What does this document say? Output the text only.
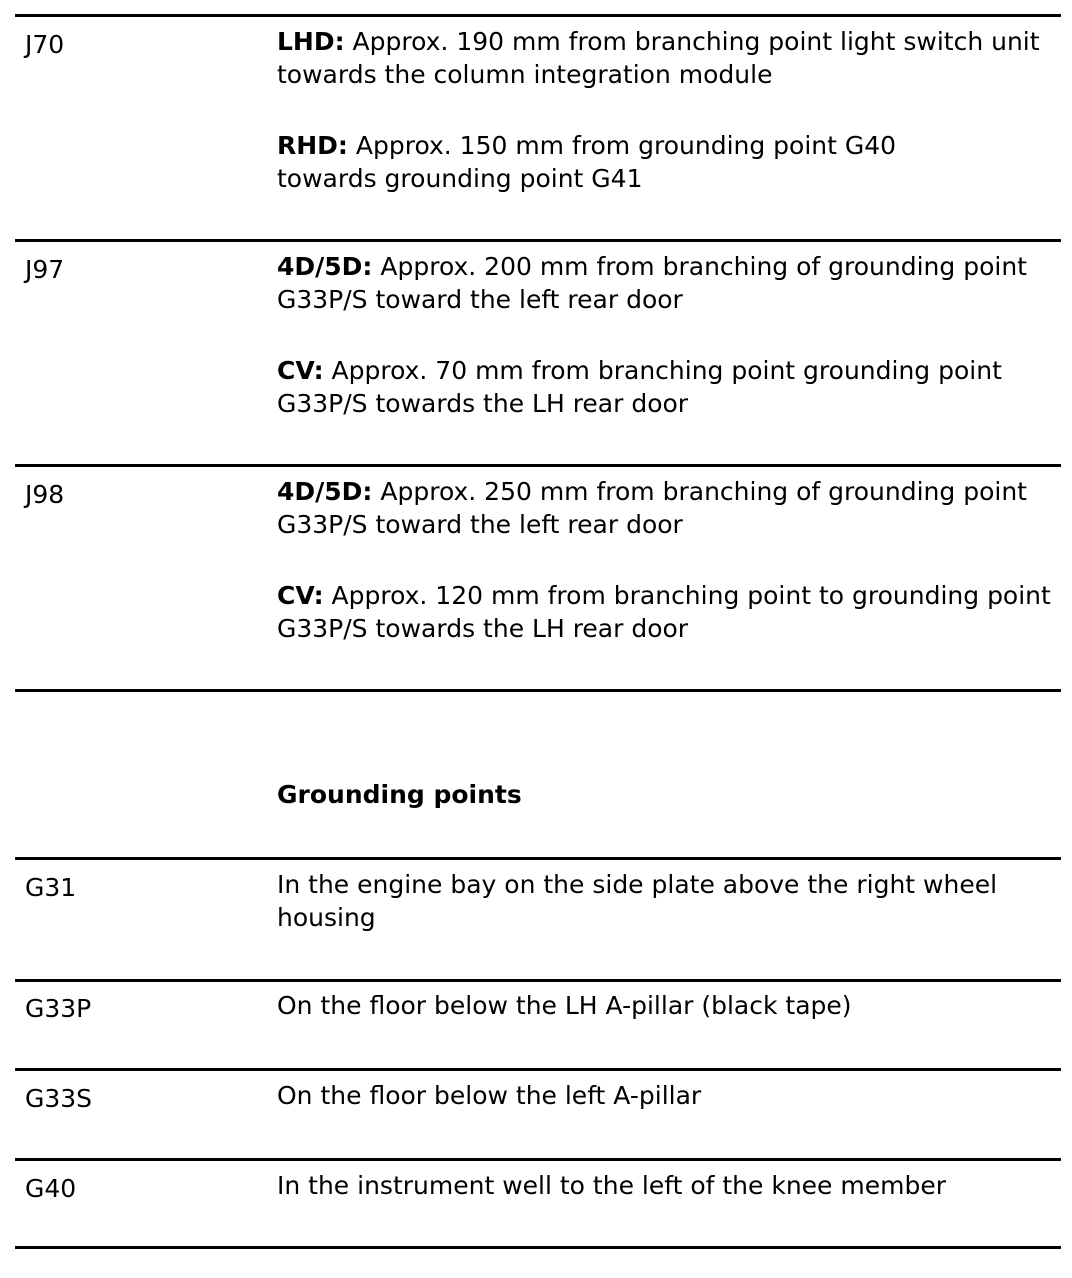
J70	LHD: Approx. 190 mm from branching point light switch unit towards the column integration module

RHD: Approx. 150 mm from grounding point G40 towards grounding point G41

J97	4D/5D: Approx. 200 mm from branching of grounding point G33P/S toward the left rear door

CV: Approx. 70 mm from branching point grounding point G33P/S towards the LH rear door

J98	4D/5D: Approx. 250 mm from branching of grounding point G33P/S toward the left rear door

CV: Approx. 120 mm from branching point to grounding point G33P/S towards the LH rear door

Grounding points
G31	In the engine bay on the side plate above the right wheel housing
G33P	On the floor below the LH A-pillar (black tape)
G33S	On the floor below the left A-pillar
G40	In the instrument well to the left of the knee member
